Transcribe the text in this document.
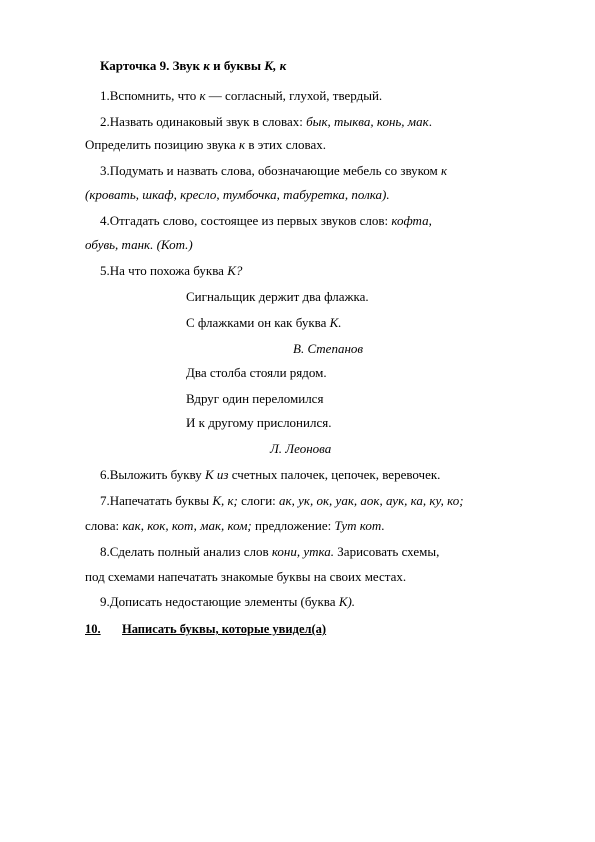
Карточка 9. Звук к и буквы К, к
1.Вспомнить, что к — согласный, глухой, твердый.
2.Назвать одинаковый звук в словах: бык, тыква, конь, мак.
Определить позицию звука к в этих словах.
3.Подумать и назвать слова, обозначающие мебель со звуком к
(кровать, шкаф, кресло, тумбочка, табуретка, полка).
4.Отгадать слово, состоящее из первых звуков слов: кофта,
обувь, танк. (Кот.)
5.На что похожа буква К?
Сигнальщик держит два флажка.
С флажками он как буква К.
В. Степанов
Два столба стояли рядом.
Вдруг один переломился
И к другому прислонился.
Л. Леонова
6.Выложить букву К из счетных палочек, цепочек, веревочек.
7.Напечатать буквы К, к; слоги: ак, ук, ок, уак, аок, аук, ка, ку, ко;
слова: как, кок, кот, мак, ком; предложение: Тут кот.
8.Сделать полный анализ слов кони, утка. Зарисовать схемы,
под схемами напечатать знакомые буквы на своих местах.
9.Дописать недостающие элементы (буква К).
10. Написать буквы, которые увидел(а)
